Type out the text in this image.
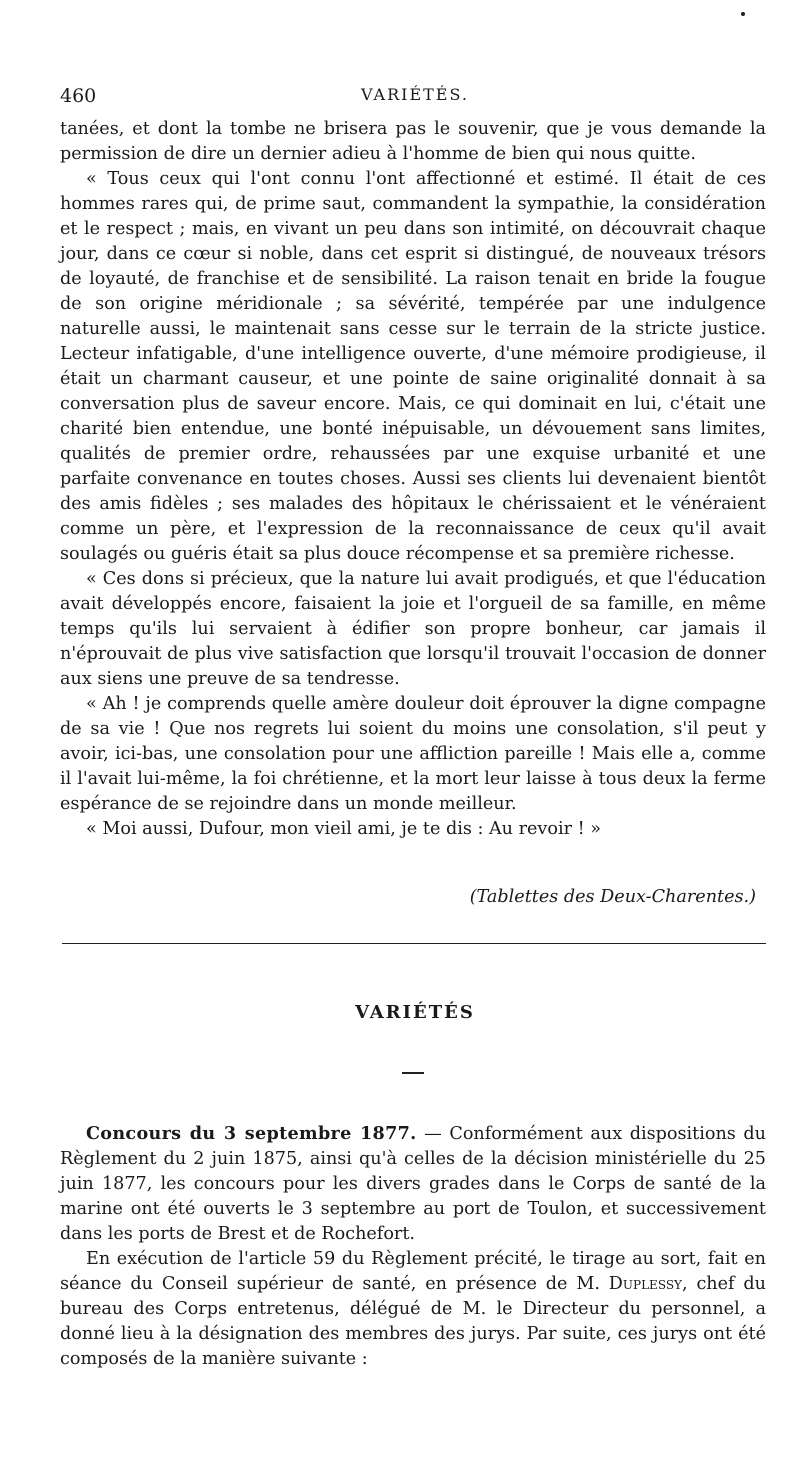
460	VARIÉTÉS.

tanées, et dont la tombe ne brisera pas le souvenir, que je vous demande la permission de dire un dernier adieu à l'homme de bien qui nous quitte.

« Tous ceux qui l'ont connu l'ont affectionné et estimé. Il était de ces hommes rares qui, de prime saut, commandent la sympathie, la considération et le respect ; mais, en vivant un peu dans son intimité, on découvrait chaque jour, dans ce cœur si noble, dans cet esprit si distingué, de nouveaux trésors de loyauté, de franchise et de sensibilité. La raison tenait en bride la fougue de son origine méridionale ; sa sévérité, tempérée par une indulgence naturelle aussi, le maintenait sans cesse sur le terrain de la stricte justice. Lecteur infatigable, d'une intelligence ouverte, d'une mémoire prodigieuse, il était un charmant causeur, et une pointe de saine originalité donnait à sa conversation plus de saveur encore. Mais, ce qui dominait en lui, c'était une charité bien entendue, une bonté inépuisable, un dévouement sans limites, qualités de premier ordre, rehaussées par une exquise urbanité et une parfaite convenance en toutes choses. Aussi ses clients lui devenaient bientôt des amis fidèles ; ses malades des hôpitaux le chérissaient et le vénéraient comme un père, et l'expression de la reconnaissance de ceux qu'il avait soulagés ou guéris était sa plus douce récompense et sa première richesse.

« Ces dons si précieux, que la nature lui avait prodigués, et que l'éducation avait développés encore, faisaient la joie et l'orgueil de sa famille, en même temps qu'ils lui servaient à édifier son propre bonheur, car jamais il n'éprouvait de plus vive satisfaction que lorsqu'il trouvait l'occasion de donner aux siens une preuve de sa tendresse.

« Ah ! je comprends quelle amère douleur doit éprouver la digne compagne de sa vie ! Que nos regrets lui soient du moins une consolation, s'il peut y avoir, ici-bas, une consolation pour une affliction pareille ! Mais elle a, comme il l'avait lui-même, la foi chrétienne, et la mort leur laisse à tous deux la ferme espérance de se rejoindre dans un monde meilleur.

« Moi aussi, Dufour, mon vieil ami, je te dis : Au revoir ! »

(Tablettes des Deux-Charentes.)

VARIÉTÉS

Concours du 3 septembre 1877. — Conformément aux dispositions du Règlement du 2 juin 1875, ainsi qu'à celles de la décision ministérielle du 25 juin 1877, les concours pour les divers grades dans le Corps de santé de la marine ont été ouverts le 3 septembre au port de Toulon, et successivement dans les ports de Brest et de Rochefort.

En exécution de l'article 59 du Règlement précité, le tirage au sort, fait en séance du Conseil supérieur de santé, en présence de M. Duplessy, chef du bureau des Corps entretenus, délégué de M. le Directeur du personnel, a donné lieu à la désignation des membres des jurys. Par suite, ces jurys ont été composés de la manière suivante :
